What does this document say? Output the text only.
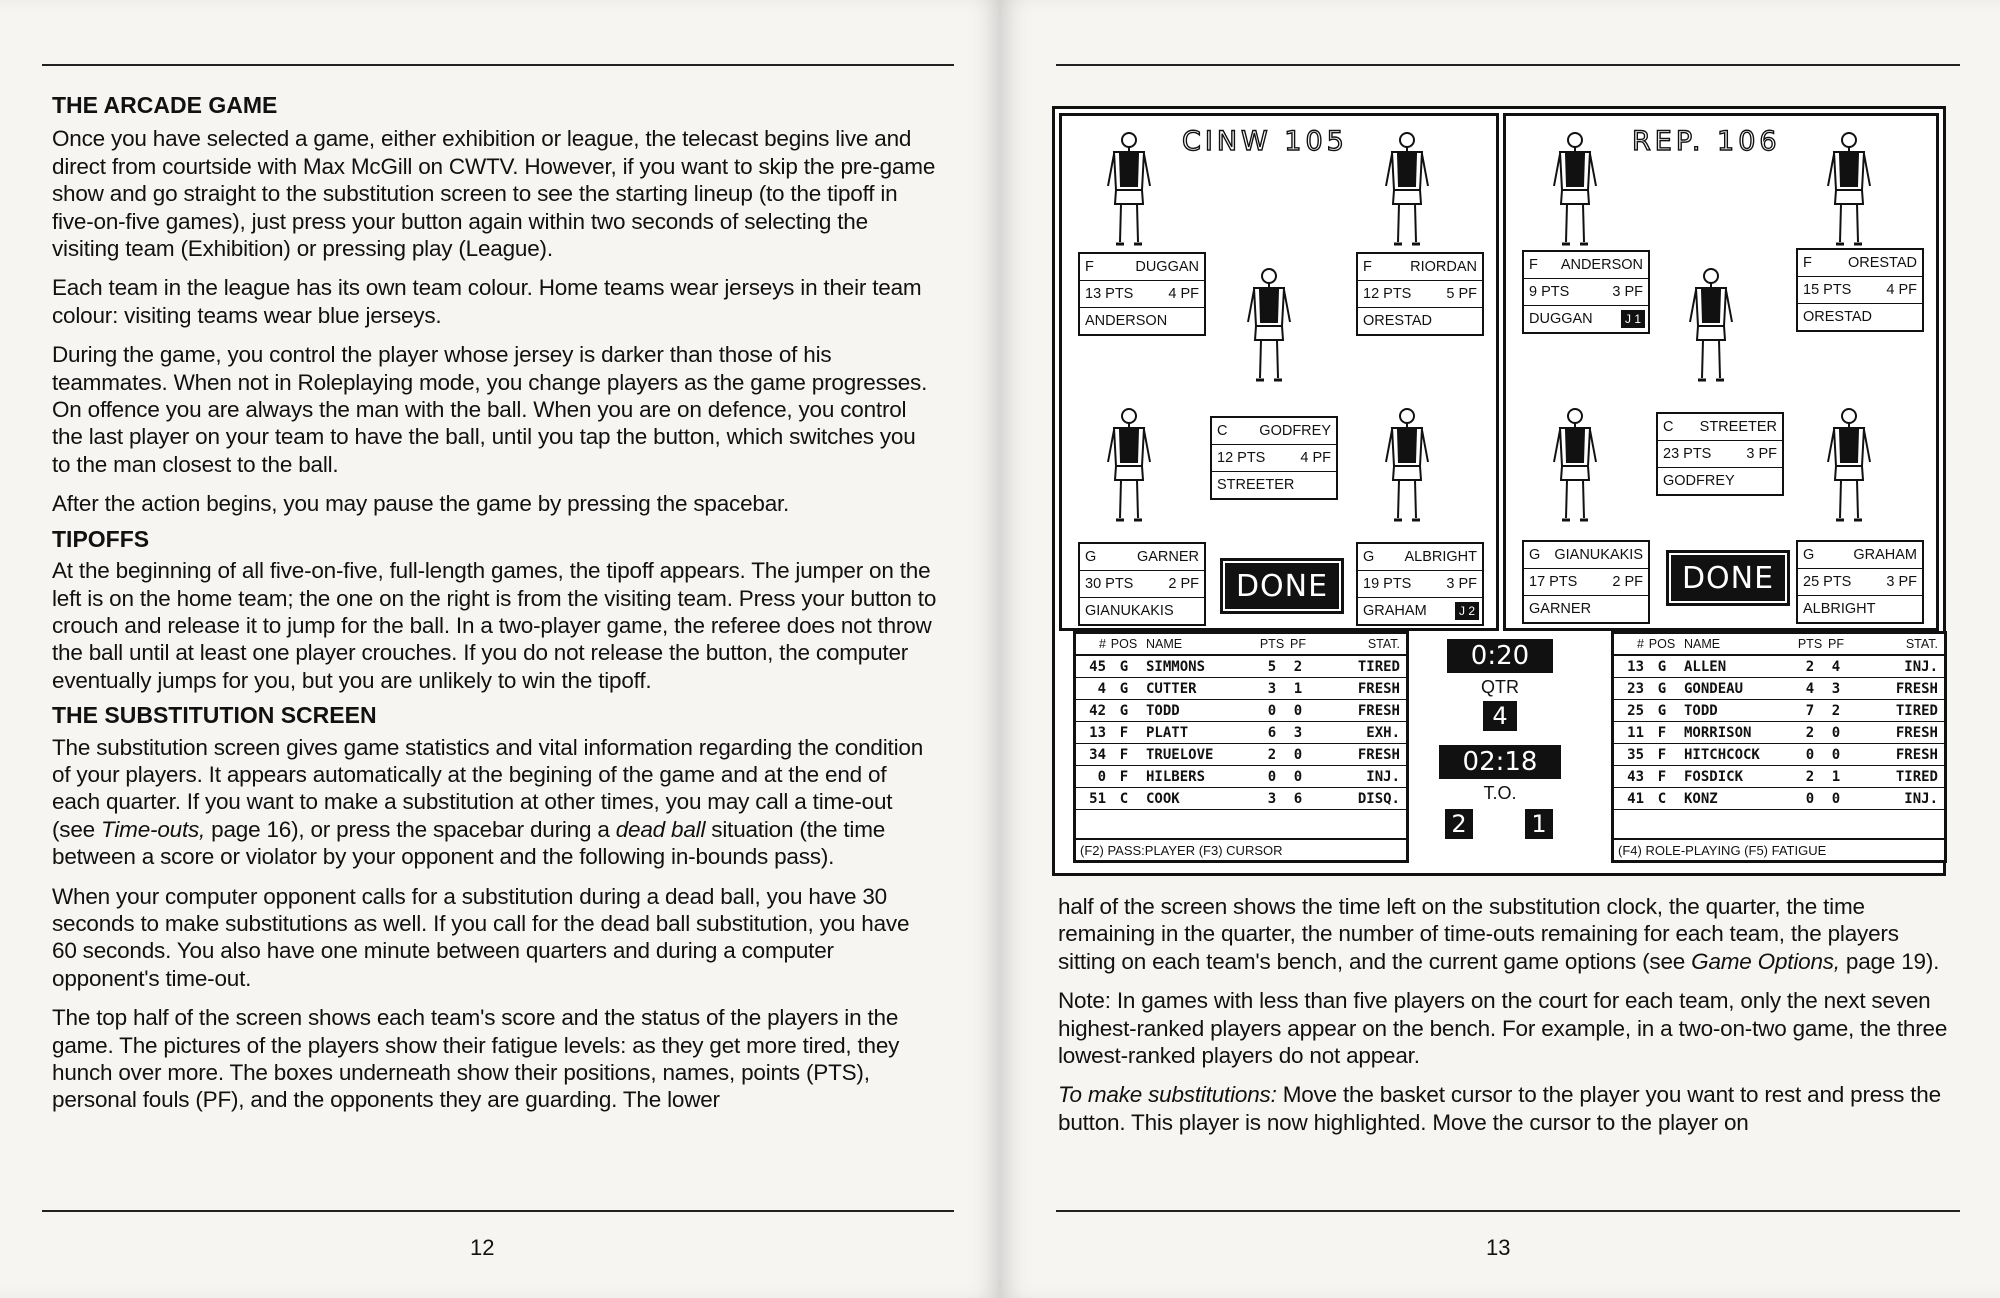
THE ARCADE GAME

Once you have selected a game, either exhibition or league, the telecast begins live and direct from courtside with Max McGill on CWTV. However, if you want to skip the pre-game show and go straight to the substitution screen to see the starting lineup (to the tipoff in five-on-five games), just press your button again within two seconds of selecting the visiting team (Exhibition) or pressing play (League).

Each team in the league has its own team colour. Home teams wear jerseys in their team colour: visiting teams wear blue jerseys.

During the game, you control the player whose jersey is darker than those of his teammates. When not in Roleplaying mode, you change players as the game progresses. On offence you are always the man with the ball. When you are on defence, you control the last player on your team to have the ball, until you tap the button, which switches you to the man closest to the ball.

After the action begins, you may pause the game by pressing the spacebar.

TIPOFFS

At the beginning of all five-on-five, full-length games, the tipoff appears. The jumper on the left is on the home team; the one on the right is from the visiting team. Press your button to crouch and release it to jump for the ball. In a two-player game, the referee does not throw the ball until at least one player crouches. If you do not release the button, the computer eventually jumps for you, but you are unlikely to win the tipoff.

THE SUBSTITUTION SCREEN

The substitution screen gives game statistics and vital information regarding the condition of your players. It appears automatically at the begining of the game and at the end of each quarter. If you want to make a substitution at other times, you may call a time-out (see Time-outs, page 16), or press the spacebar during a dead ball situation (the time between a score or violator by your opponent and the following in-bounds pass).

When your computer opponent calls for a substitution during a dead ball, you have 30 seconds to make substitutions as well. If you call for the dead ball substitution, you have 60 seconds. You also have one minute between quarters and during a computer opponent's time-out.

The top half of the screen shows each team's score and the status of the players in the game. The pictures of the players show their fatigue levels: as they get more tired, they hunch over more. The boxes underneath show their positions, names, points (PTS), personal fouls (PF), and the opponents they are guarding. The lower

12	13

half of the screen shows the time left on the substitution clock, the quarter, the time remaining in the quarter, the number of time-outs remaining for each team, the players sitting on each team's bench, and the current game options (see Game Options, page 19).

Note: In games with less than five players on the court for each team, only the next seven highest-ranked players appear on the bench. For example, in a two-on-two game, the three lowest-ranked players do not appear.

To make substitutions: Move the basket cursor to the player you want to rest and press the button. This player is now highlighted. Move the cursor to the player on

CINW 105
F	DUGGAN
13 PTS 4 PF
ANDERSON
F	RIORDAN
12 PTS 5 PF
ORESTAD
C GODFREY
12 PTS 4 PF
STREETER
G	GARNER
30 PTS 2 PF
GIANUKAKIS
G ALBRIGHT
19 PTS 3 PF
GRAHAM	J 2
DONE
REP. 106
F ANDERSON
9 PTS	3 PF
DUGGAN	J 1
F ORESTAD
15 PTS 4 PF
ORESTAD
C STREETER
23 PTS 3 PF
GODFREY
G GIANUKAKIS
17 PTS 2 PF
GARNER
G	GRAHAM
25 PTS 3 PF
ALBRIGHT
DONE
# POS NAME	PTS PF	STAT.
45 G	SIMMONS	5	2	TIRED
4 G	CUTTER	3	1	FRESH
42 G	TODD	0	0	FRESH
13 F	PLATT	6	3	EXH.
34 F	TRUELOVE	2	0	FRESH
0 F	HILBERS	0	0	INJ.
51 C	COOK	3	6	DISQ.
(F2) PASS:PLAYER (F3) CURSOR
# POS NAME	PTS PF	STAT.
13 G	ALLEN	2	4	INJ.
23 G	GONDEAU	4	3	FRESH
25 G	TODD	7	2	TIRED
11 F	MORRISON	2	0	FRESH
35 F	HITCHCOCK	0	0	FRESH
43 F	FOSDICK	2	1	TIRED
41 C	KONZ	0	0	INJ.
(F4) ROLE-PLAYING (F5) FATIGUE
0:20
QTR
4
02:18
T.O.
2	1
